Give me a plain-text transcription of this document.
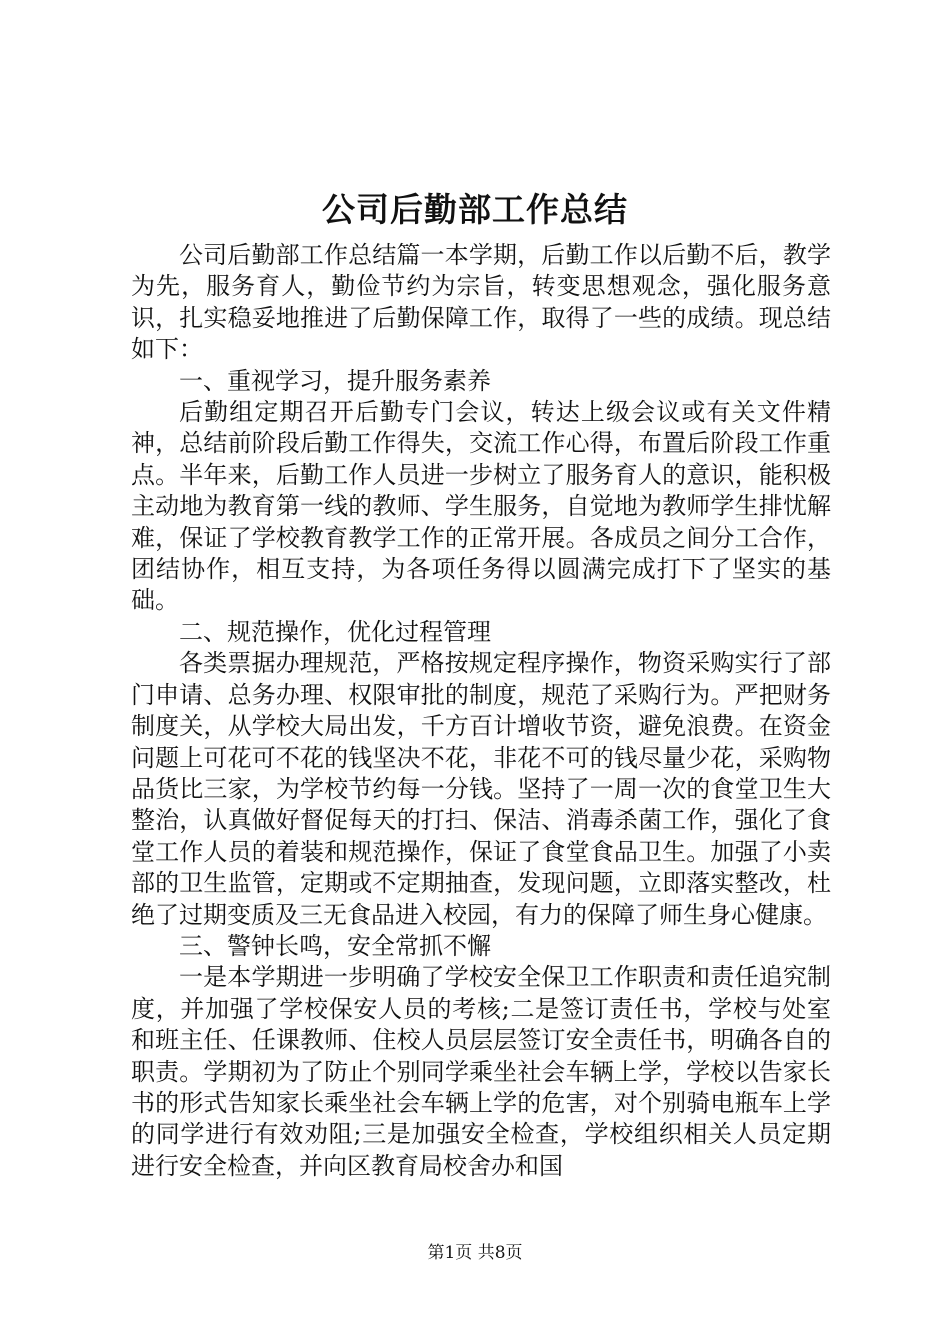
公司后勤部工作总结

公司后勤部工作总结篇一本学期，后勤工作以后勤不后，教学为先，服务育人，勤俭节约为宗旨，转变思想观念，强化服务意识，扎实稳妥地推进了后勤保障工作，取得了一些的成绩。现总结如下：

一、重视学习，提升服务素养

后勤组定期召开后勤专门会议，转达上级会议或有关文件精神，总结前阶段后勤工作得失，交流工作心得，布置后阶段工作重点。半年来，后勤工作人员进一步树立了服务育人的意识，能积极主动地为教育第一线的教师、学生服务，自觉地为教师学生排忧解难，保证了学校教育教学工作的正常开展。各成员之间分工合作，团结协作，相互支持，为各项任务得以圆满完成打下了坚实的基础。

二、规范操作，优化过程管理

各类票据办理规范，严格按规定程序操作，物资采购实行了部门申请、总务办理、权限审批的制度，规范了采购行为。严把财务制度关，从学校大局出发，千方百计增收节资，避免浪费。在资金问题上可花可不花的钱坚决不花，非花不可的钱尽量少花，采购物品货比三家，为学校节约每一分钱。坚持了一周一次的食堂卫生大整治，认真做好督促每天的打扫、保洁、消毒杀菌工作，强化了食堂工作人员的着装和规范操作，保证了食堂食品卫生。加强了小卖部的卫生监管，定期或不定期抽查，发现问题，立即落实整改，杜绝了过期变质及三无食品进入校园，有力的保障了师生身心健康。

三、警钟长鸣，安全常抓不懈

一是本学期进一步明确了学校安全保卫工作职责和责任追究制度，并加强了学校保安人员的考核;二是签订责任书，学校与处室和班主任、任课教师、住校人员层层签订安全责任书，明确各自的职责。学期初为了防止个别同学乘坐社会车辆上学，学校以告家长书的形式告知家长乘坐社会车辆上学的危害，对个别骑电瓶车上学的同学进行有效劝阻;三是加强安全检查，学校组织相关人员定期进行安全检查，并向区教育局校舍办和国

第1页 共8页
